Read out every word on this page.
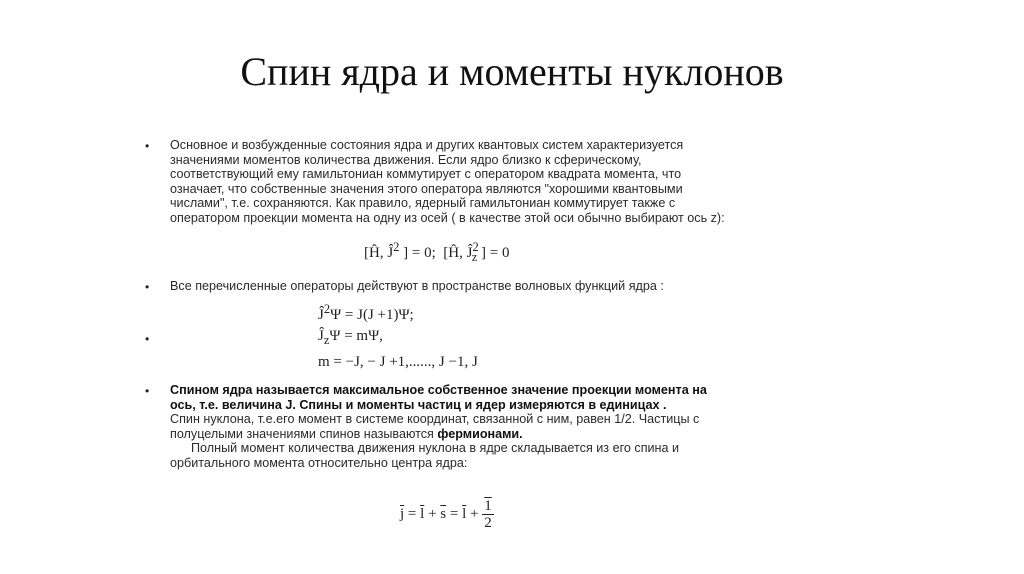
Спин ядра и моменты нуклонов
• Основное и возбужденные состояния ядра и других квантовых систем характеризуется
значениями моментов количества движения. Если ядро близко к сферическому,
соответствующий ему гамильтониан коммутирует с оператором квадрата момента, что
означает, что собственные значения этого оператора являются "хорошими квантовыми
числами", т.е. сохраняются. Как правило, ядерный гамильтониан коммутирует также с
оператором проекции момента на одну из осей ( в качестве этой оси обычно выбирают ось z):
[Ĥ, $Ĵ^2$ ] = 0; [Ĥ, $Ĵ^2_z$ ] = 0
• Все перечисленные операторы действуют в пространстве волновых функций ядра :
$Ĵ^2\Psi = J(J +1)\Psi$;
•	$Ĵ_z\Psi = m\Psi$,
m = −J, − J +1,......, J −1, J
• Спином ядра называется максимальное собственное значение проекции момента на
ось, т.е. величина J. Спины и моменты частиц и ядер измеряются в единицах .
Спин нуклона, т.е.его момент в системе координат, связанной с ним, равен 1/2. Частицы с
полуцелыми значениями спинов называются фермионами.
Полный момент количества движения нуклона в ядре складывается из его спина и
орбитального момента относительно центра ядра:
$\overline{j} = \overline{l} + \overline{s} = \overline{l} + \frac{1}{2}$
